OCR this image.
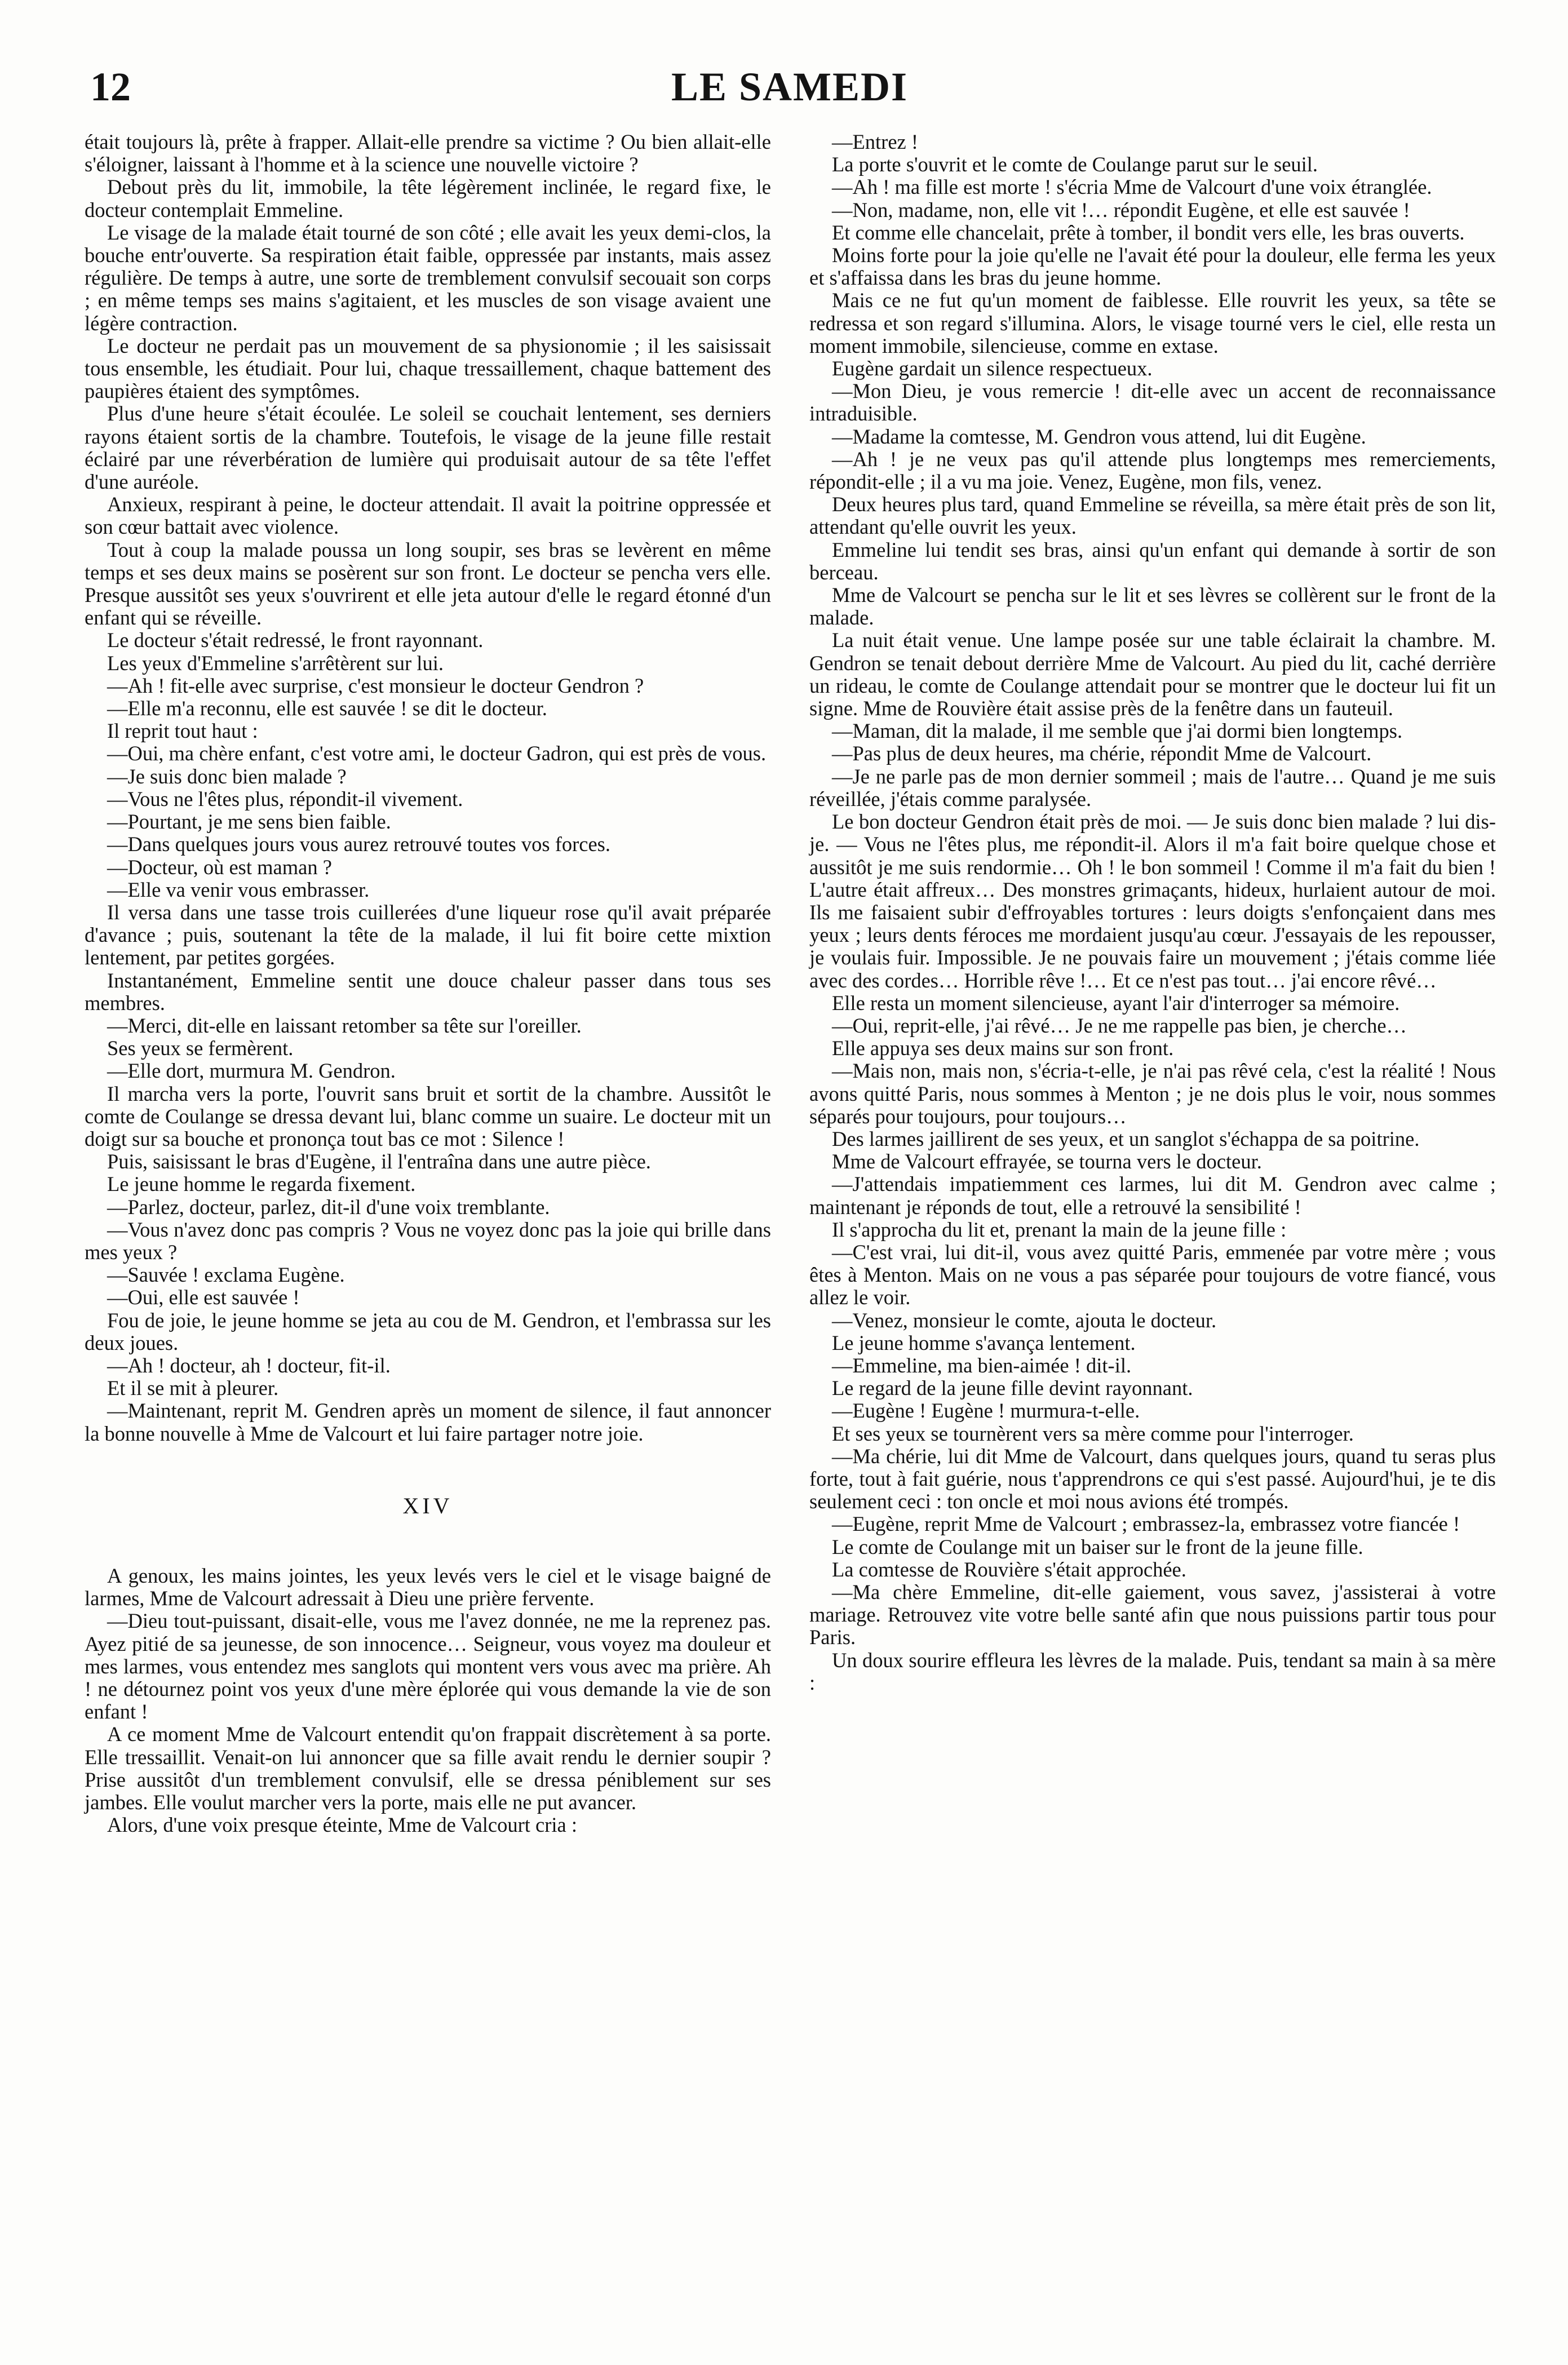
12	LE SAMEDI

était toujours là, prête à frapper. Allait-elle prendre sa victime ? Ou bien allait-elle s'éloigner, laissant à l'homme et à la science une nouvelle victoire ?

Debout près du lit, immobile, la tête légèrement inclinée, le regard fixe, le docteur contemplait Emmeline.

Le visage de la malade était tourné de son côté ; elle avait les yeux demi-clos, la bouche entr'ouverte. Sa respiration était faible, oppressée par instants, mais assez régulière. De temps à autre, une sorte de tremblement convulsif secouait son corps ; en même temps ses mains s'agitaient, et les muscles de son visage avaient une légère contraction.

Le docteur ne perdait pas un mouvement de sa physionomie ; il les saisissait tous ensemble, les étudiait. Pour lui, chaque tressaillement, chaque battement des paupières étaient des symptômes.

Plus d'une heure s'était écoulée. Le soleil se couchait lentement, ses derniers rayons étaient sortis de la chambre. Toutefois, le visage de la jeune fille restait éclairé par une réverbération de lumière qui produisait autour de sa tête l'effet d'une auréole.

Anxieux, respirant à peine, le docteur attendait. Il avait la poitrine oppressée et son cœur battait avec violence.

Tout à coup la malade poussa un long soupir, ses bras se levèrent en même temps et ses deux mains se posèrent sur son front. Le docteur se pencha vers elle. Presque aussitôt ses yeux s'ouvrirent et elle jeta autour d'elle le regard étonné d'un enfant qui se réveille.

Le docteur s'était redressé, le front rayonnant.

Les yeux d'Emmeline s'arrêtèrent sur lui.

—Ah ! fit-elle avec surprise, c'est monsieur le docteur Gendron ?

—Elle m'a reconnu, elle est sauvée ! se dit le docteur.

Il reprit tout haut :

—Oui, ma chère enfant, c'est votre ami, le docteur Gadron, qui est près de vous.

—Je suis donc bien malade ?

—Vous ne l'êtes plus, répondit-il vivement.

—Pourtant, je me sens bien faible.

—Dans quelques jours vous aurez retrouvé toutes vos forces.

—Docteur, où est maman ?

—Elle va venir vous embrasser.

Il versa dans une tasse trois cuillerées d'une liqueur rose qu'il avait préparée d'avance ; puis, soutenant la tête de la malade, il lui fit boire cette mixtion lentement, par petites gorgées.

Instantanément, Emmeline sentit une douce chaleur passer dans tous ses membres.

—Merci, dit-elle en laissant retomber sa tête sur l'oreiller.

Ses yeux se fermèrent.

—Elle dort, murmura M. Gendron.

Il marcha vers la porte, l'ouvrit sans bruit et sortit de la chambre. Aussitôt le comte de Coulange se dressa devant lui, blanc comme un suaire. Le docteur mit un doigt sur sa bouche et prononça tout bas ce mot : Silence !

Puis, saisissant le bras d'Eugène, il l'entraîna dans une autre pièce.

Le jeune homme le regarda fixement.

—Parlez, docteur, parlez, dit-il d'une voix tremblante.

—Vous n'avez donc pas compris ? Vous ne voyez donc pas la joie qui brille dans mes yeux ?

—Sauvée ! exclama Eugène.

—Oui, elle est sauvée !

Fou de joie, le jeune homme se jeta au cou de M. Gendron, et l'embrassa sur les deux joues.

—Ah ! docteur, ah ! docteur, fit-il.

Et il se mit à pleurer.

—Maintenant, reprit M. Gendren après un moment de silence, il faut annoncer la bonne nouvelle à Mme de Valcourt et lui faire partager notre joie.

XIV

A genoux, les mains jointes, les yeux levés vers le ciel et le visage baigné de larmes, Mme de Valcourt adressait à Dieu une prière fervente.

—Dieu tout-puissant, disait-elle, vous me l'avez donnée, ne me la reprenez pas. Ayez pitié de sa jeunesse, de son innocence… Seigneur, vous voyez ma douleur et mes larmes, vous entendez mes sanglots qui montent vers vous avec ma prière. Ah ! ne détournez point vos yeux d'une mère éplorée qui vous demande la vie de son enfant !

A ce moment Mme de Valcourt entendit qu'on frappait discrètement à sa porte. Elle tressaillit. Venait-on lui annoncer que sa fille avait rendu le dernier soupir ? Prise aussitôt d'un tremblement convulsif, elle se dressa péniblement sur ses jambes. Elle voulut marcher vers la porte, mais elle ne put avancer.

Alors, d'une voix presque éteinte, Mme de Valcourt cria :

—Entrez !

La porte s'ouvrit et le comte de Coulange parut sur le seuil.

—Ah ! ma fille est morte ! s'écria Mme de Valcourt d'une voix étranglée.

—Non, madame, non, elle vit !… répondit Eugène, et elle est sauvée !

Et comme elle chancelait, prête à tomber, il bondit vers elle, les bras ouverts.

Moins forte pour la joie qu'elle ne l'avait été pour la douleur, elle ferma les yeux et s'affaissa dans les bras du jeune homme.

Mais ce ne fut qu'un moment de faiblesse. Elle rouvrit les yeux, sa tête se redressa et son regard s'illumina. Alors, le visage tourné vers le ciel, elle resta un moment immobile, silencieuse, comme en extase.

Eugène gardait un silence respectueux.

—Mon Dieu, je vous remercie ! dit-elle avec un accent de reconnaissance intraduisible.

—Madame la comtesse, M. Gendron vous attend, lui dit Eugène.

—Ah ! je ne veux pas qu'il attende plus longtemps mes remerciements, répondit-elle ; il a vu ma joie. Venez, Eugène, mon fils, venez.

Deux heures plus tard, quand Emmeline se réveilla, sa mère était près de son lit, attendant qu'elle ouvrit les yeux.

Emmeline lui tendit ses bras, ainsi qu'un enfant qui demande à sortir de son berceau.

Mme de Valcourt se pencha sur le lit et ses lèvres se collèrent sur le front de la malade.

La nuit était venue. Une lampe posée sur une table éclairait la chambre. M. Gendron se tenait debout derrière Mme de Valcourt. Au pied du lit, caché derrière un rideau, le comte de Coulange attendait pour se montrer que le docteur lui fit un signe. Mme de Rouvière était assise près de la fenêtre dans un fauteuil.

—Maman, dit la malade, il me semble que j'ai dormi bien longtemps.

—Pas plus de deux heures, ma chérie, répondit Mme de Valcourt.

—Je ne parle pas de mon dernier sommeil ; mais de l'autre… Quand je me suis réveillée, j'étais comme paralysée.

Le bon docteur Gendron était près de moi. — Je suis donc bien malade ? lui dis-je. — Vous ne l'êtes plus, me répondit-il. Alors il m'a fait boire quelque chose et aussitôt je me suis rendormie… Oh ! le bon sommeil ! Comme il m'a fait du bien ! L'autre était affreux… Des monstres grimaçants, hideux, hurlaient autour de moi. Ils me faisaient subir d'effroyables tortures : leurs doigts s'enfonçaient dans mes yeux ; leurs dents féroces me mordaient jusqu'au cœur. J'essayais de les repousser, je voulais fuir. Impossible. Je ne pouvais faire un mouvement ; j'étais comme liée avec des cordes… Horrible rêve !… Et ce n'est pas tout… j'ai encore rêvé…

Elle resta un moment silencieuse, ayant l'air d'interroger sa mémoire.

—Oui, reprit-elle, j'ai rêvé… Je ne me rappelle pas bien, je cherche…

Elle appuya ses deux mains sur son front.

—Mais non, mais non, s'écria-t-elle, je n'ai pas rêvé cela, c'est la réalité ! Nous avons quitté Paris, nous sommes à Menton ; je ne dois plus le voir, nous sommes séparés pour toujours, pour toujours…

Des larmes jaillirent de ses yeux, et un sanglot s'échappa de sa poitrine.

Mme de Valcourt effrayée, se tourna vers le docteur.

—J'attendais impatiemment ces larmes, lui dit M. Gendron avec calme ; maintenant je réponds de tout, elle a retrouvé la sensibilité !

Il s'approcha du lit et, prenant la main de la jeune fille :

—C'est vrai, lui dit-il, vous avez quitté Paris, emmenée par votre mère ; vous êtes à Menton. Mais on ne vous a pas séparée pour toujours de votre fiancé, vous allez le voir.

—Venez, monsieur le comte, ajouta le docteur.

Le jeune homme s'avança lentement.

—Emmeline, ma bien-aimée ! dit-il.

Le regard de la jeune fille devint rayonnant.

—Eugène ! Eugène ! murmura-t-elle.

Et ses yeux se tournèrent vers sa mère comme pour l'interroger.

—Ma chérie, lui dit Mme de Valcourt, dans quelques jours, quand tu seras plus forte, tout à fait guérie, nous t'apprendrons ce qui s'est passé. Aujourd'hui, je te dis seulement ceci : ton oncle et moi nous avions été trompés.

—Eugène, reprit Mme de Valcourt ; embrassez-la, embrassez votre fiancée !

Le comte de Coulange mit un baiser sur le front de la jeune fille.

La comtesse de Rouvière s'était approchée.

—Ma chère Emmeline, dit-elle gaiement, vous savez, j'assisterai à votre mariage. Retrouvez vite votre belle santé afin que nous puissions partir tous pour Paris.

Un doux sourire effleura les lèvres de la malade. Puis, tendant sa main à sa mère :
